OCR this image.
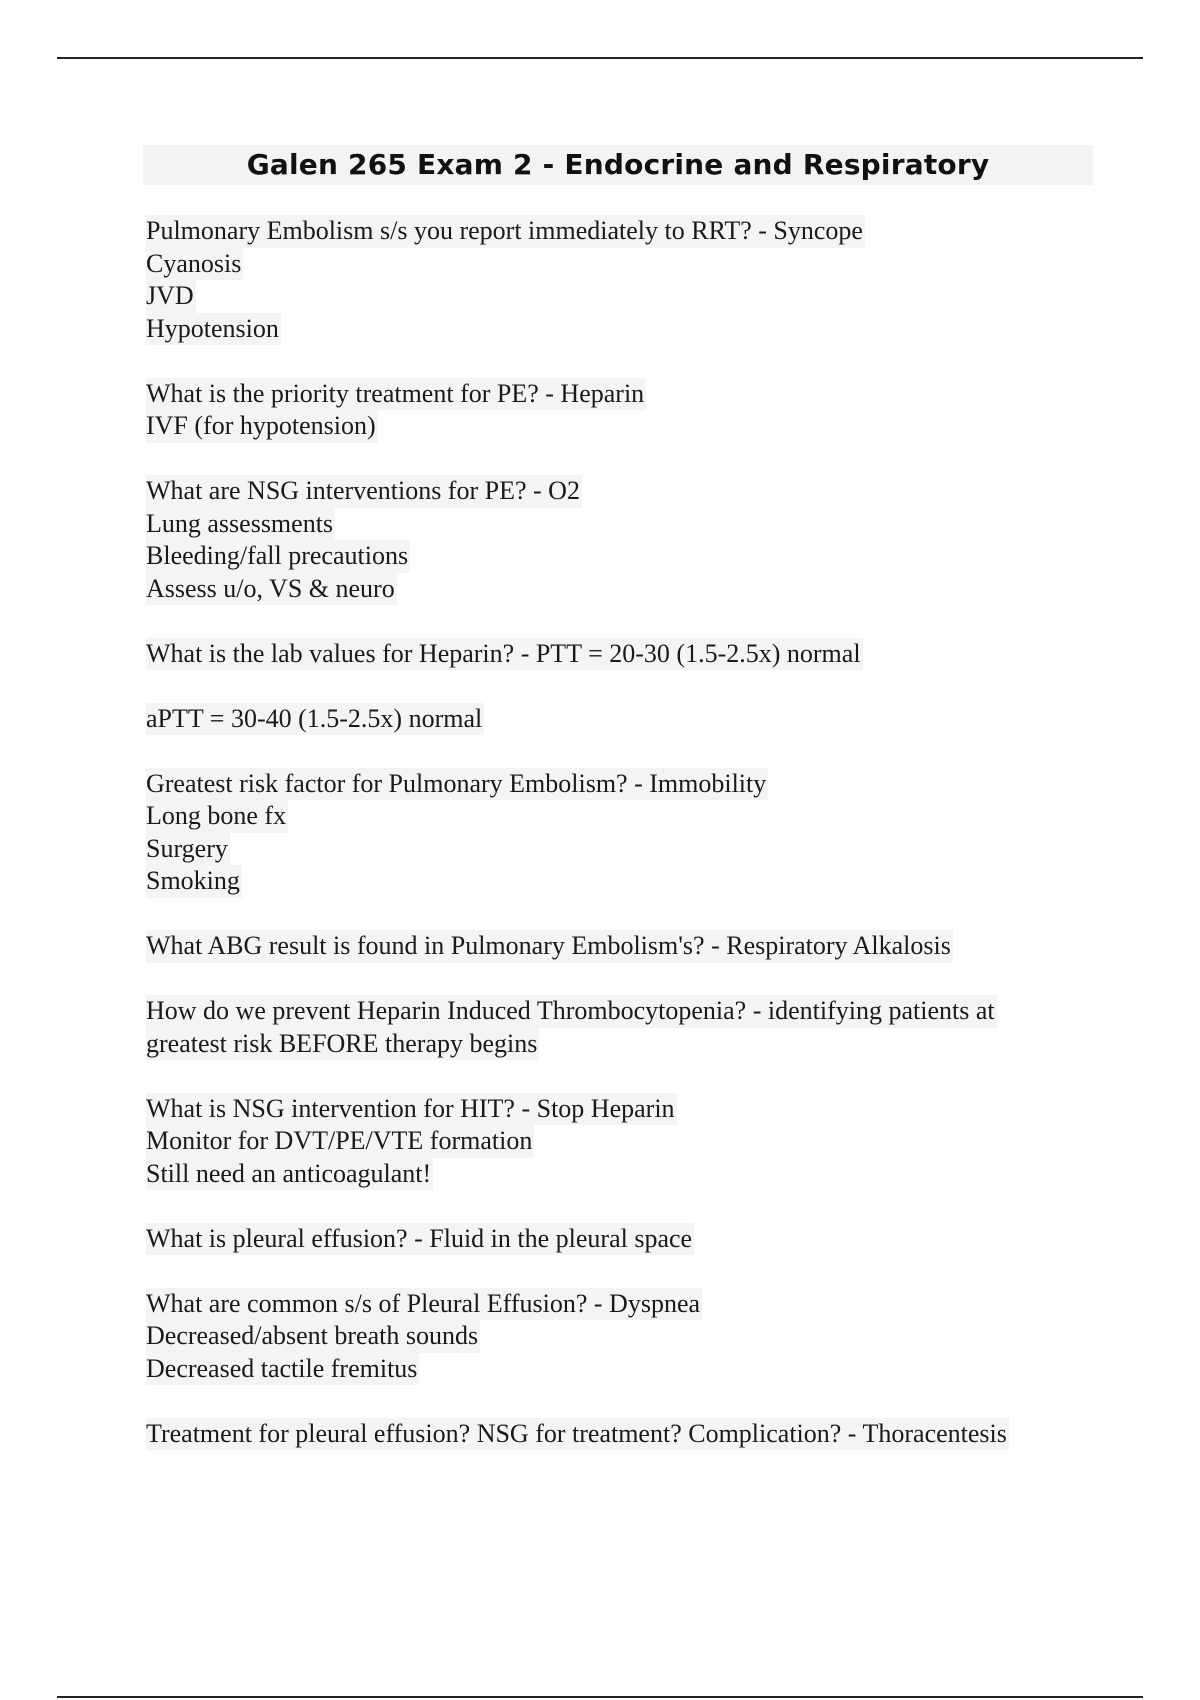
Galen 265 Exam 2 - Endocrine and Respiratory
Pulmonary Embolism s/s you report immediately to RRT? - Syncope
Cyanosis
JVD
Hypotension
What is the priority treatment for PE? - Heparin
IVF (for hypotension)
What are NSG interventions for PE? - O2
Lung assessments
Bleeding/fall precautions
Assess u/o, VS & neuro
What is the lab values for Heparin? - PTT = 20-30 (1.5-2.5x) normal
aPTT = 30-40 (1.5-2.5x) normal
Greatest risk factor for Pulmonary Embolism? - Immobility
Long bone fx
Surgery
Smoking
What ABG result is found in Pulmonary Embolism's? - Respiratory Alkalosis
How do we prevent Heparin Induced Thrombocytopenia? - identifying patients at
greatest risk BEFORE therapy begins
What is NSG intervention for HIT? - Stop Heparin
Monitor for DVT/PE/VTE formation
Still need an anticoagulant!
What is pleural effusion? - Fluid in the pleural space
What are common s/s of Pleural Effusion? - Dyspnea
Decreased/absent breath sounds
Decreased tactile fremitus
Treatment for pleural effusion? NSG for treatment? Complication? - Thoracentesis
